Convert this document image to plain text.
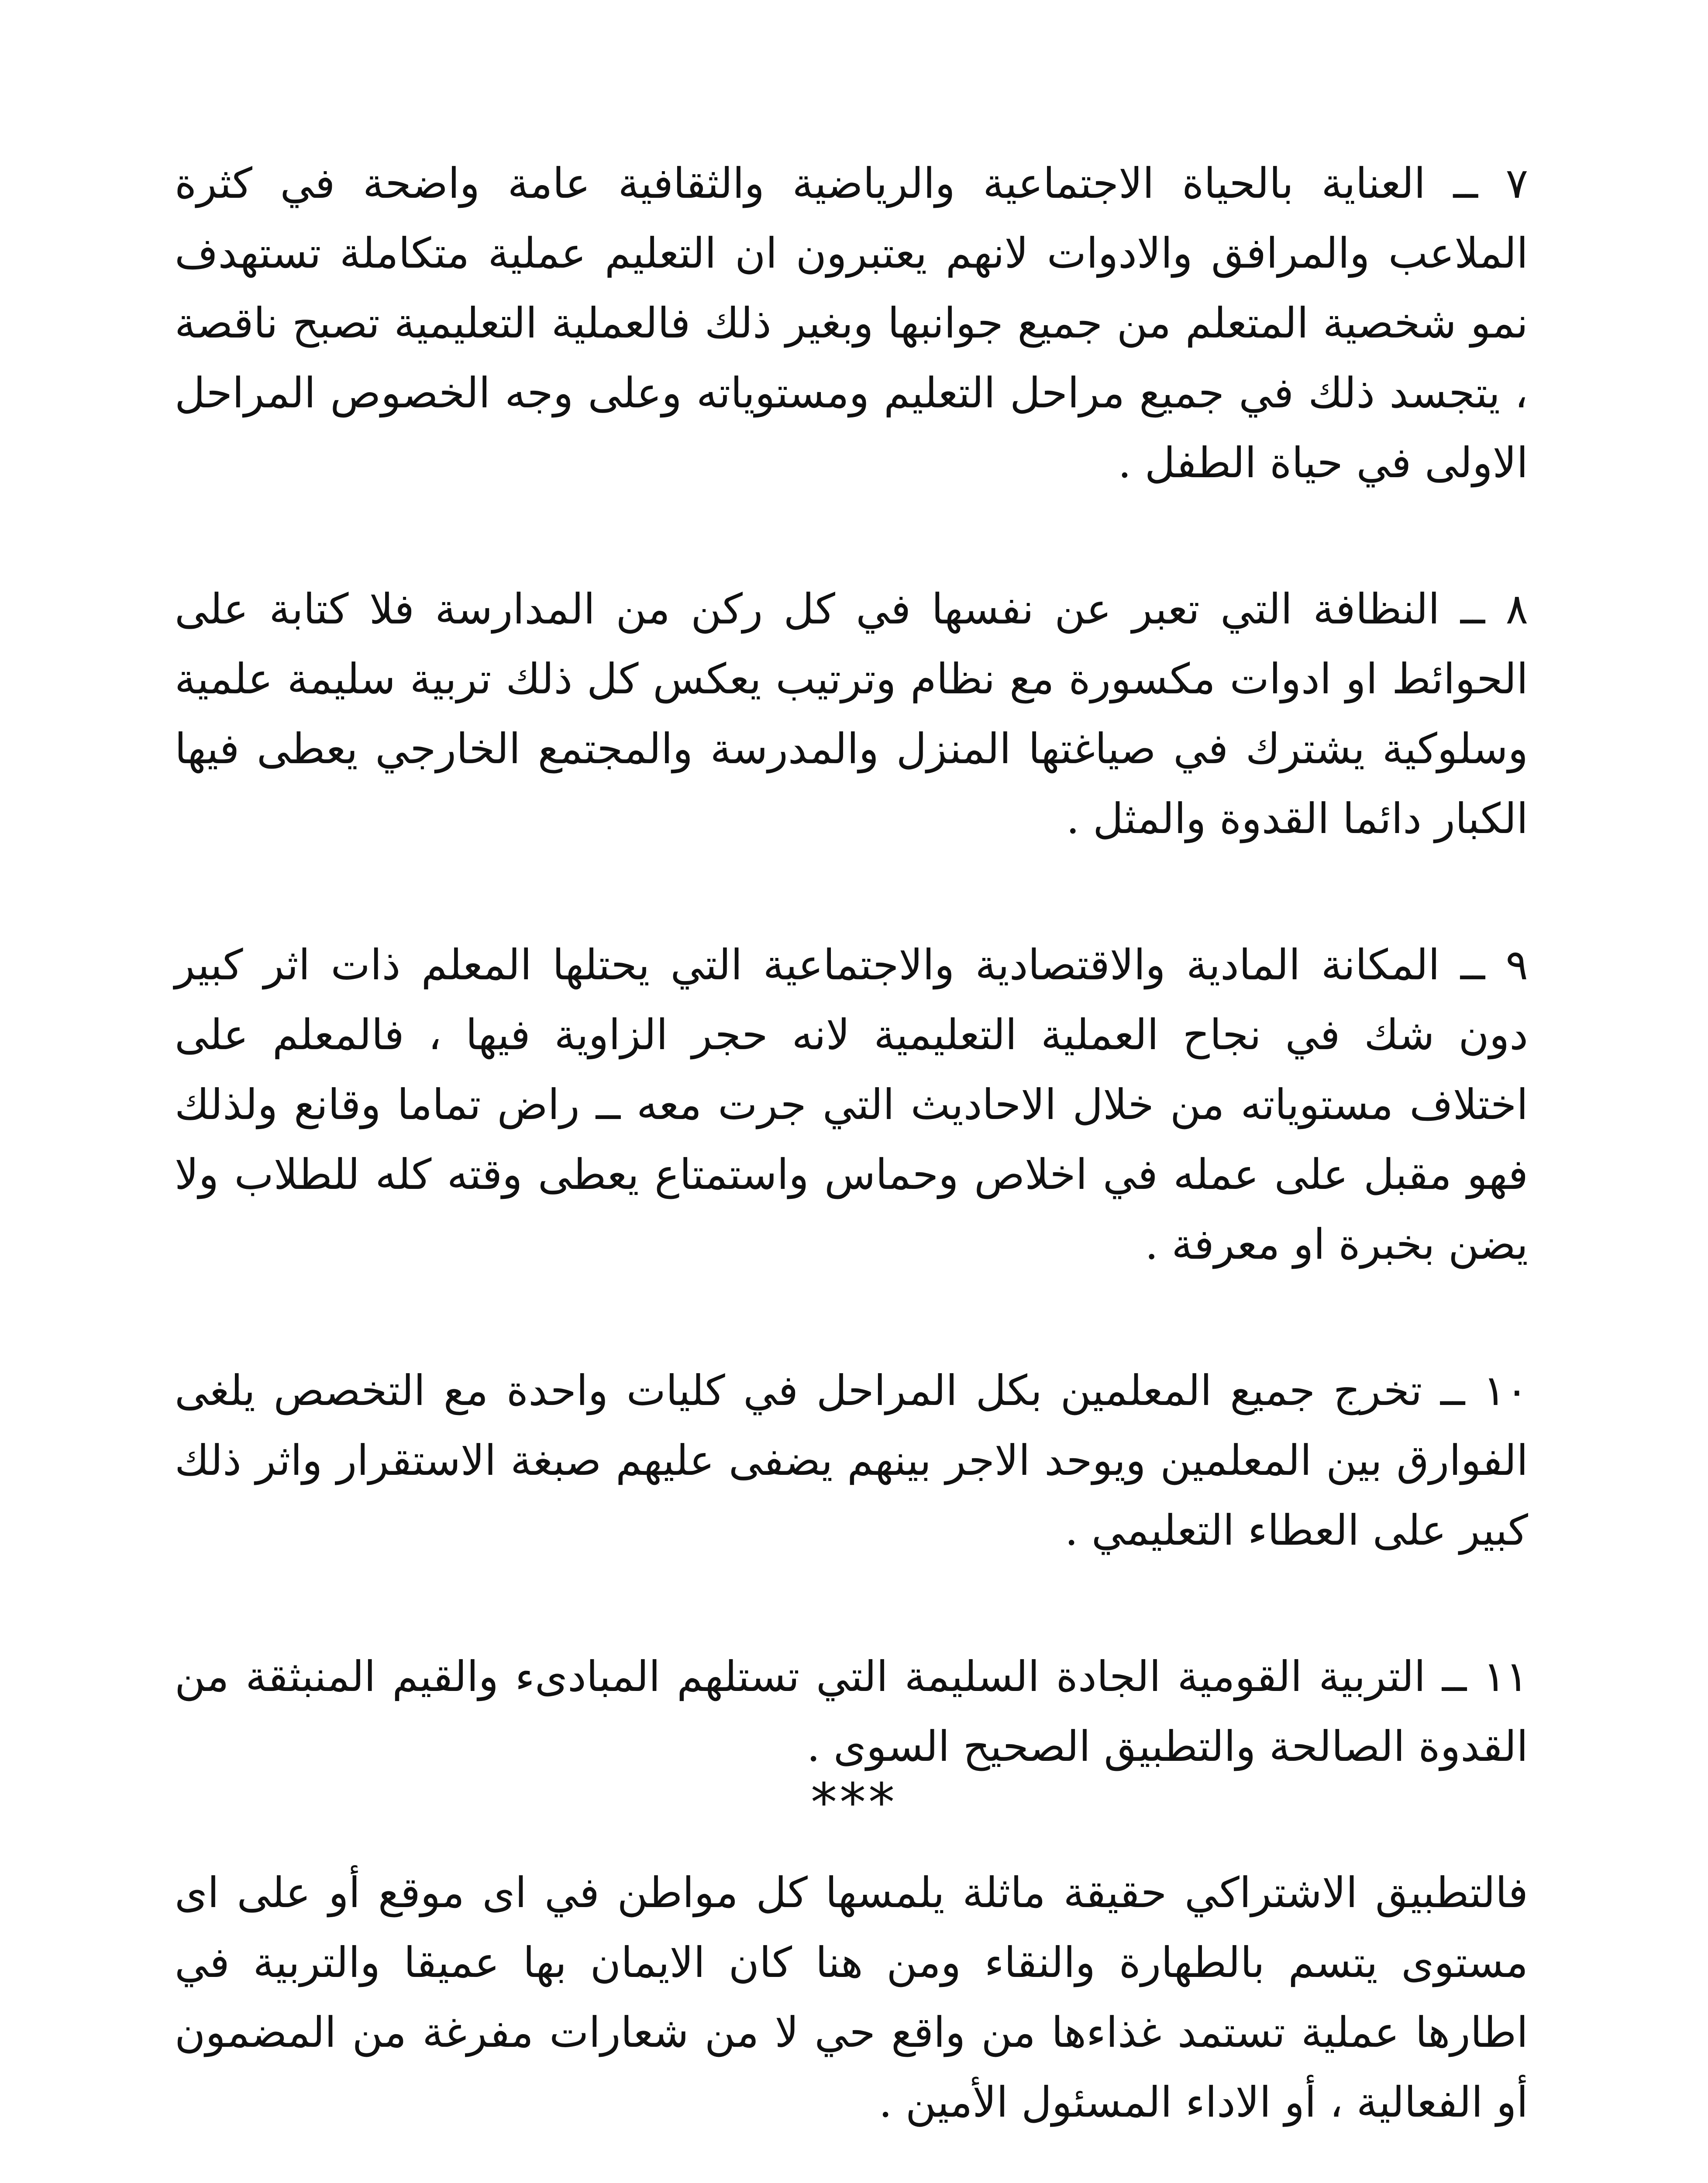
٧ ــ العناية بالحياة الاجتماعية والرياضية والثقافية عامة واضحة في كثرة الملاعب والمرافق والادوات لانهم يعتبرون ان التعليم عملية متكاملة تستهدف نمو شخصية المتعلم من جميع جوانبها وبغير ذلك فالعملية التعليمية تصبح ناقصة ، يتجسد ذلك في جميع مراحل التعليم ومستوياته وعلى وجه الخصوص المراحل الاولى في حياة الطفل .

٨ ــ النظافة التي تعبر عن نفسها في كل ركن من المدارسة فلا كتابة على الحوائط او ادوات مكسورة مع نظام وترتيب يعكس كل ذلك تربية سليمة علمية وسلوكية يشترك في صياغتها المنزل والمدرسة والمجتمع الخارجي يعطى فيها الكبار دائما القدوة والمثل .

٩ ــ المكانة المادية والاقتصادية والاجتماعية التي يحتلها المعلم ذات اثر كبير دون شك في نجاح العملية التعليمية لانه حجر الزاوية فيها ، فالمعلم على اختلاف مستوياته من خلال الاحاديث التي جرت معه ــ راض تماما وقانع ولذلك فهو مقبل على عمله في اخلاص وحماس واستمتاع يعطى وقته كله للطلاب ولا يضن بخبرة او معرفة .

١٠ ــ تخرج جميع المعلمين بكل المراحل في كليات واحدة مع التخصص يلغى الفوارق بين المعلمين ويوحد الاجر بينهم يضفى عليهم صبغة الاستقرار واثر ذلك كبير على العطاء التعليمي .

١١ ــ التربية القومية الجادة السليمة التي تستلهم المبادىء والقيم المنبثقة من القدوة الصالحة والتطبيق الصحيح السوى .

فالتطبيق الاشتراكي حقيقة ماثلة يلمسها كل مواطن في اى موقع أو على اى مستوى يتسم بالطهارة والنقاء ومن هنا كان الايمان بها عميقا والتربية في اطارها عملية تستمد غذاءها من واقع حي لا من شعارات مفرغة من المضمون أو الفعالية ، أو الاداء المسئول الأمين .

***
